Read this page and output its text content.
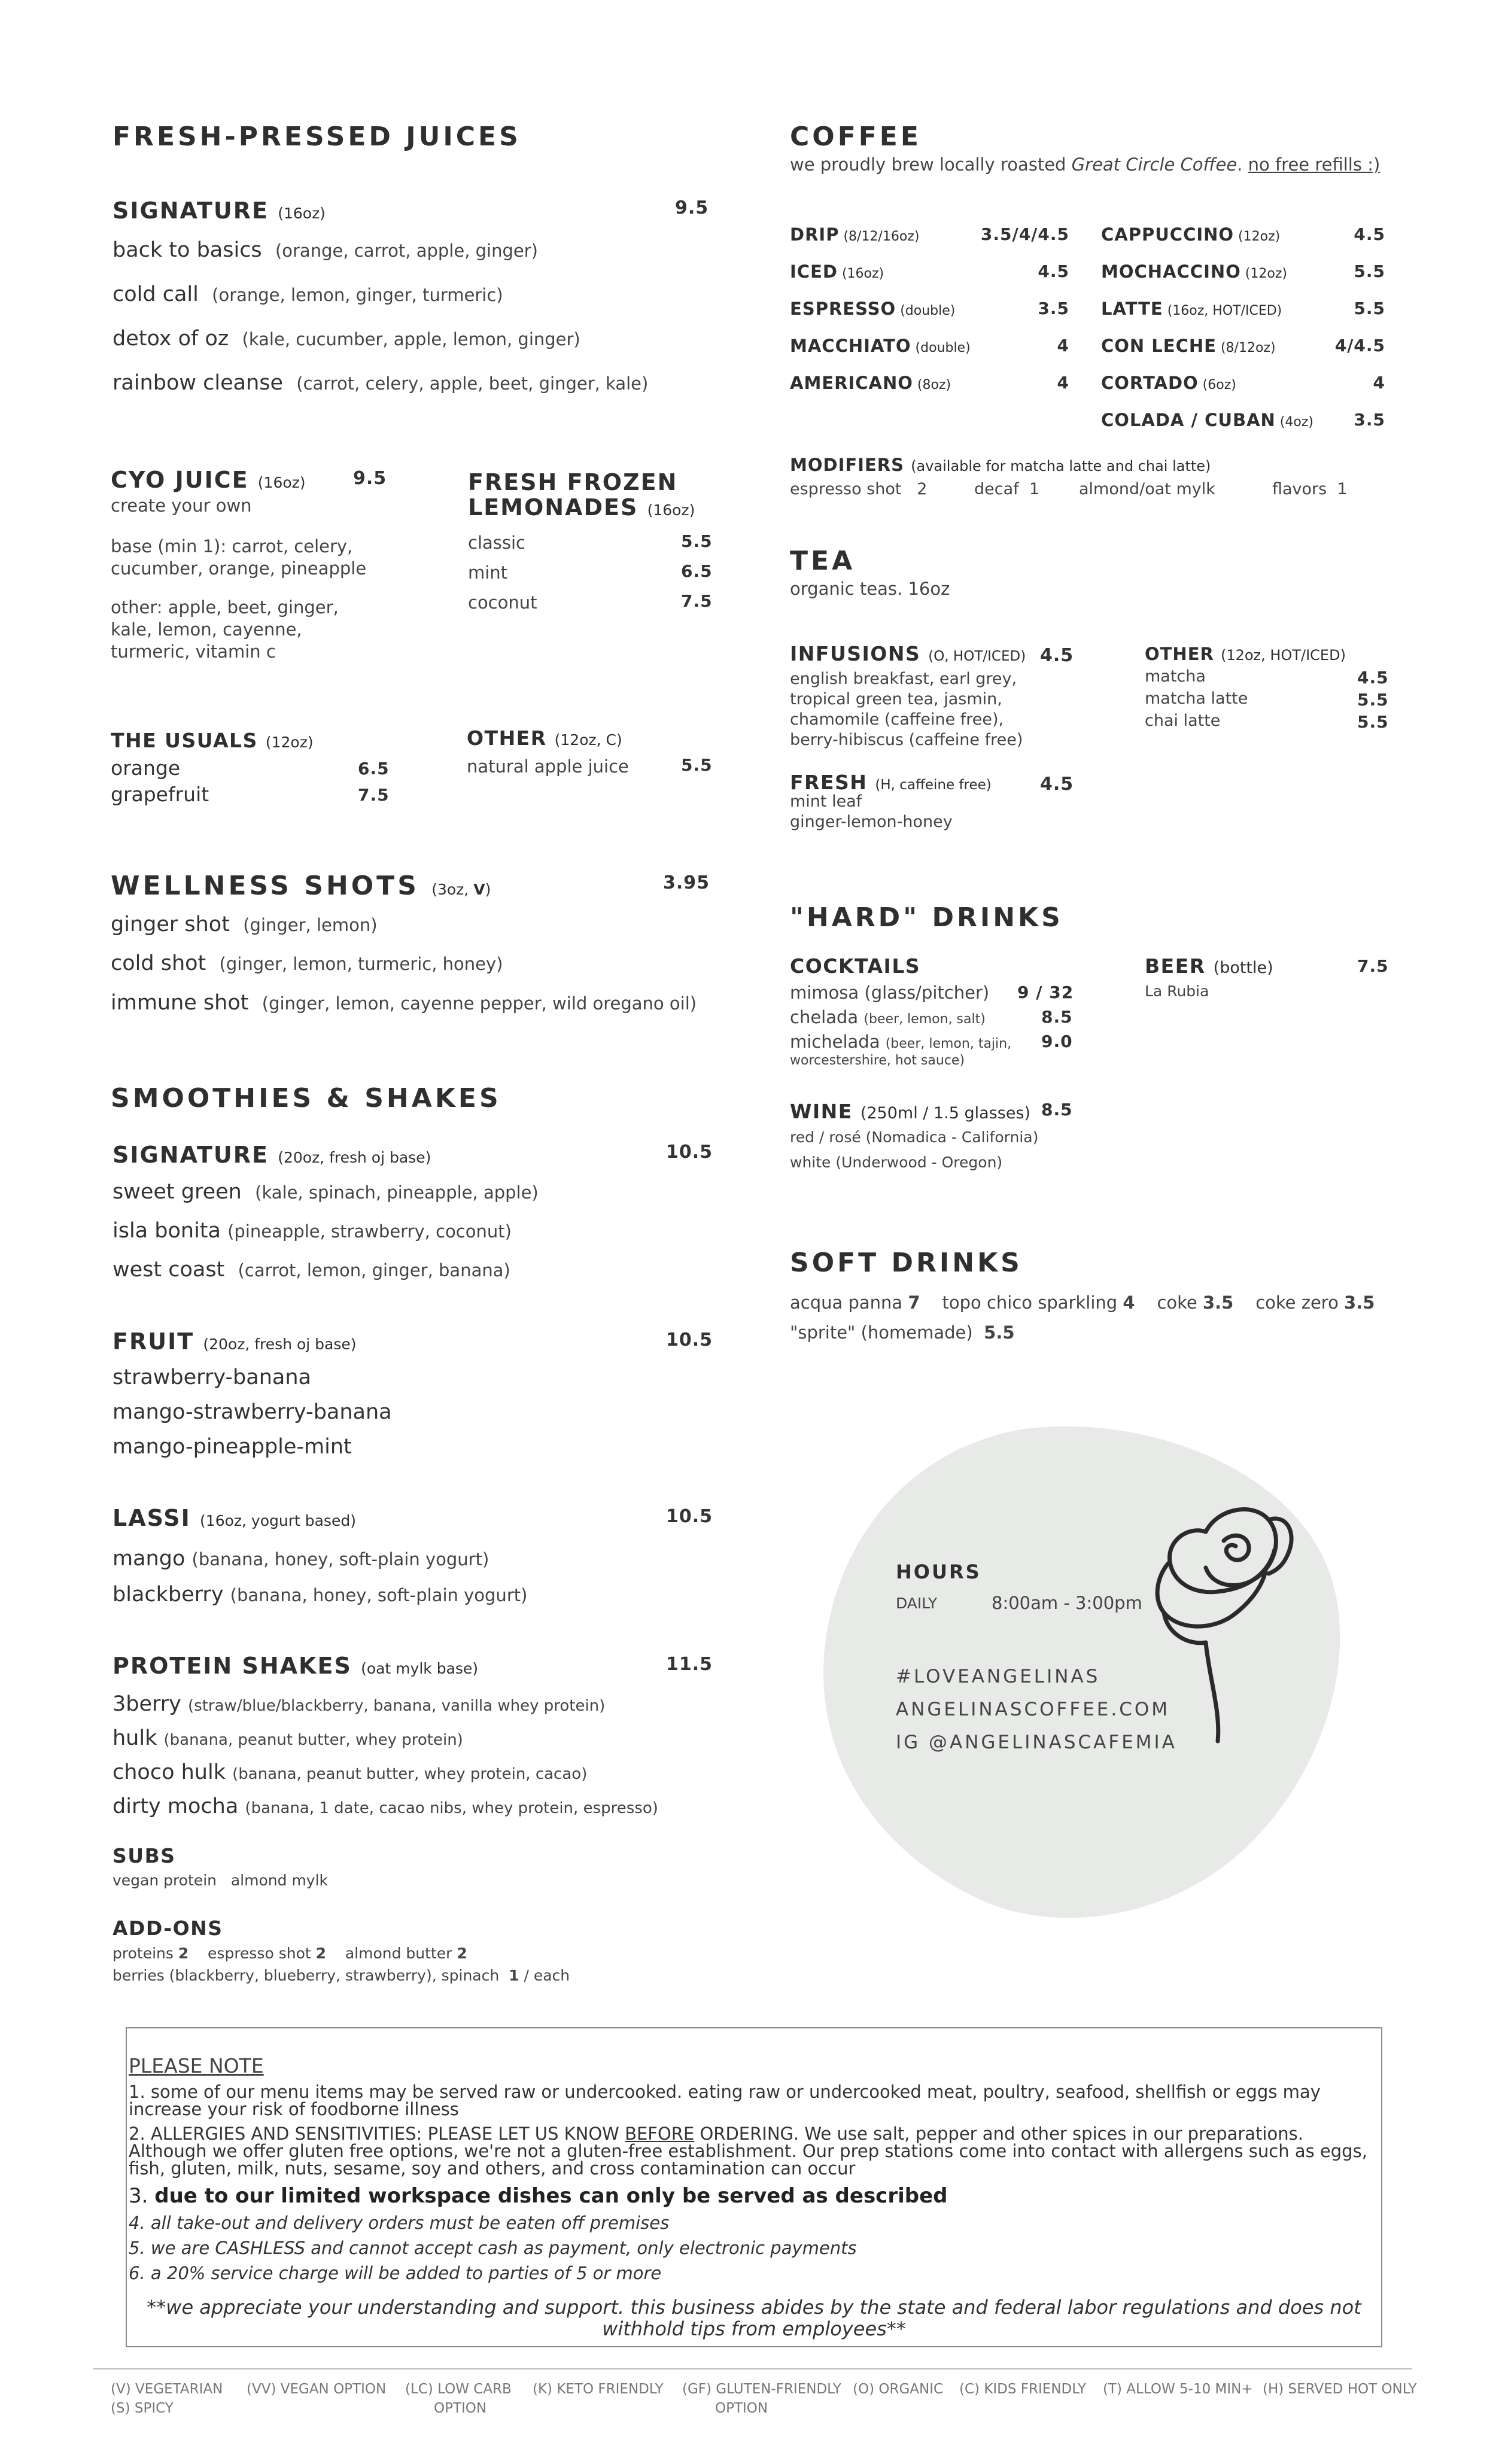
FRESH-PRESSED JUICES
SIGNATURE (16oz)	9.5
back to basics (orange, carrot, apple, ginger)
cold call (orange, lemon, ginger, turmeric)
detox of oz (kale, cucumber, apple, lemon, ginger)
rainbow cleanse (carrot, celery, apple, beet, ginger, kale)
CYO JUICE (16oz)	9.5
create your own
base (min 1): carrot, celery, cucumber, orange, pineapple
other: apple, beet, ginger, kale, lemon, cayenne, turmeric, vitamin c
FRESH FROZEN
LEMONADES (16oz)
classic	5.5
mint	6.5
coconut	7.5
THE USUALS (12oz)
orange	6.5
grapefruit	7.5
OTHER (12oz, C)
natural apple juice	5.5
WELLNESS SHOTS (3oz, V)	3.95
ginger shot (ginger, lemon)
cold shot (ginger, lemon, turmeric, honey)
immune shot (ginger, lemon, cayenne pepper, wild oregano oil)
SMOOTHIES & SHAKES
SIGNATURE (20oz, fresh oj base)	10.5
sweet green (kale, spinach, pineapple, apple)
isla bonita (pineapple, strawberry, coconut)
west coast (carrot, lemon, ginger, banana)
FRUIT (20oz, fresh oj base)	10.5
strawberry-banana
mango-strawberry-banana
mango-pineapple-mint
LASSI (16oz, yogurt based)	10.5
mango (banana, honey, soft-plain yogurt)
blackberry (banana, honey, soft-plain yogurt)
PROTEIN SHAKES (oat mylk base)	11.5
3berry (straw/blue/blackberry, banana, vanilla whey protein)
hulk (banana, peanut butter, whey protein)
choco hulk (banana, peanut butter, whey protein, cacao)
dirty mocha (banana, 1 date, cacao nibs, whey protein, espresso)
SUBS
vegan protein   almond mylk
ADD-ONS
proteins 2 espresso shot 2 almond butter 2
berries (blackberry, blueberry, strawberry), spinach  1 / each
COFFEE
we proudly brew locally roasted Great Circle Coffee. no free refills :)
DRIP (8/12/16oz)	3.5/4/4.5
ICED (16oz)	4.5
ESPRESSO (double)	3.5
MACCHIATO (double)	4
AMERICANO (8oz)	4
CAPPUCCINO (12oz)	4.5
MOCHACCINO (12oz)	5.5
LATTE (16oz, HOT/ICED)	5.5
CON LECHE (8/12oz)	4/4.5
CORTADO (6oz)	4
COLADA / CUBAN (4oz) 3.5
MODIFIERS (available for matcha latte and chai latte)
espresso shot 2	decaf 1 almond/oat mylk	flavors 1
TEA
organic teas. 16oz
INFUSIONS (O, HOT/ICED) 4.5
english breakfast, earl grey, tropical green tea, jasmin, chamomile (caffeine free), berry-hibiscus (caffeine free)
OTHER (12oz, HOT/ICED)
matcha	4.5
matcha latte	5.5
chai latte	5.5
FRESH (H, caffeine free)	4.5
mint leaf
ginger-lemon-honey
"HARD" DRINKS
COCKTAILS
mimosa (glass/pitcher) 9 / 32
chelada (beer, lemon, salt)	8.5
michelada (beer, lemon, tajin, 9.0
worcestershire, hot sauce)
BEER (bottle)	7.5
La Rubia
WINE (250ml / 1.5 glasses) 8.5
red / rosé (Nomadica - California)
white (Underwood - Oregon)
SOFT DRINKS
acqua panna 7 topo chico sparkling 4 coke 3.5 coke zero 3.5
"sprite" (homemade) 5.5
HOURS
DAILY	8:00am - 3:00pm
#LOVEANGELINAS
ANGELINASCOFFEE.COM
IG @ANGELINASCAFEMIA
PLEASE NOTE
1. some of our menu items may be served raw or undercooked. eating raw or undercooked meat, poultry, seafood, shellfish or eggs may increase your risk of foodborne illness
2. ALLERGIES AND SENSITIVITIES: PLEASE LET US KNOW BEFORE ORDERING. We use salt, pepper and other spices in our preparations. Although we offer gluten free options, we're not a gluten-free establishment. Our prep stations come into contact with allergens such as eggs, fish, gluten, milk, nuts, sesame, soy and others, and cross contamination can occur
3. due to our limited workspace dishes can only be served as described
4. all take-out and delivery orders must be eaten off premises
5. we are CASHLESS and cannot accept cash as payment, only electronic payments
6. a 20% service charge will be added to parties of 5 or more
**we appreciate your understanding and support. this business abides by the state and federal labor regulations and does not withhold tips from employees**
(V) VEGETARIAN (VV) VEGAN OPTION (LC) LOW CARB
OPTION
(K) KETO FRIENDLY (GF) GLUTEN-FRIENDLY
OPTION
(O) ORGANIC (C) KIDS FRIENDLY (T) ALLOW 5-10 MIN+ (H) SERVED HOT ONLY
(S) SPICY
